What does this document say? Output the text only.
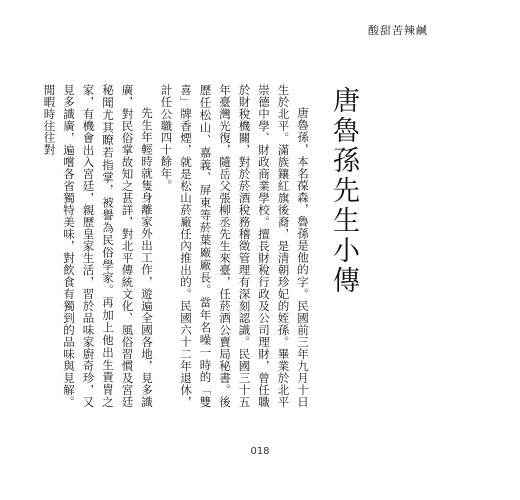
酸甜苦辣鹹
唐魯孫先生小傳

唐魯孫，本名葆森，魯孫是他的字。民國前三年九月十日生於北平。滿族鑲紅旗後裔，是清朝珍妃的姪孫。畢業於北平崇德中學、財政商業學校。擅長財稅行政及公司理財，曾任職於財稅機關，對於菸酒稅務稽徵管理有深刻認識。民國三十五年臺灣光復，隨岳父張柳丞先生來臺，任菸酒公賣局秘書。後歷任松山、嘉義、屏東等菸葉廠廠長。當年名噪一時的「雙喜」牌香煙，就是松山菸廠任內推出的。民國六十二年退休，計任公職四十餘年。

先生年輕時就隻身離家外出工作，遊遍全國各地，見多識廣，對民俗掌故知之甚詳，對北平傳統文化、風俗習慣及宮廷秘聞尤其瞭若指掌，被譽為民俗學家。再加上他出生貴冑之家，有機會出入宮廷，親歷皇家生活，習於品味家廚奇珍，又見多識廣，遍嚐各省獨特美味，對飲食有獨到的品味與見解。閒暇時往往對

018
